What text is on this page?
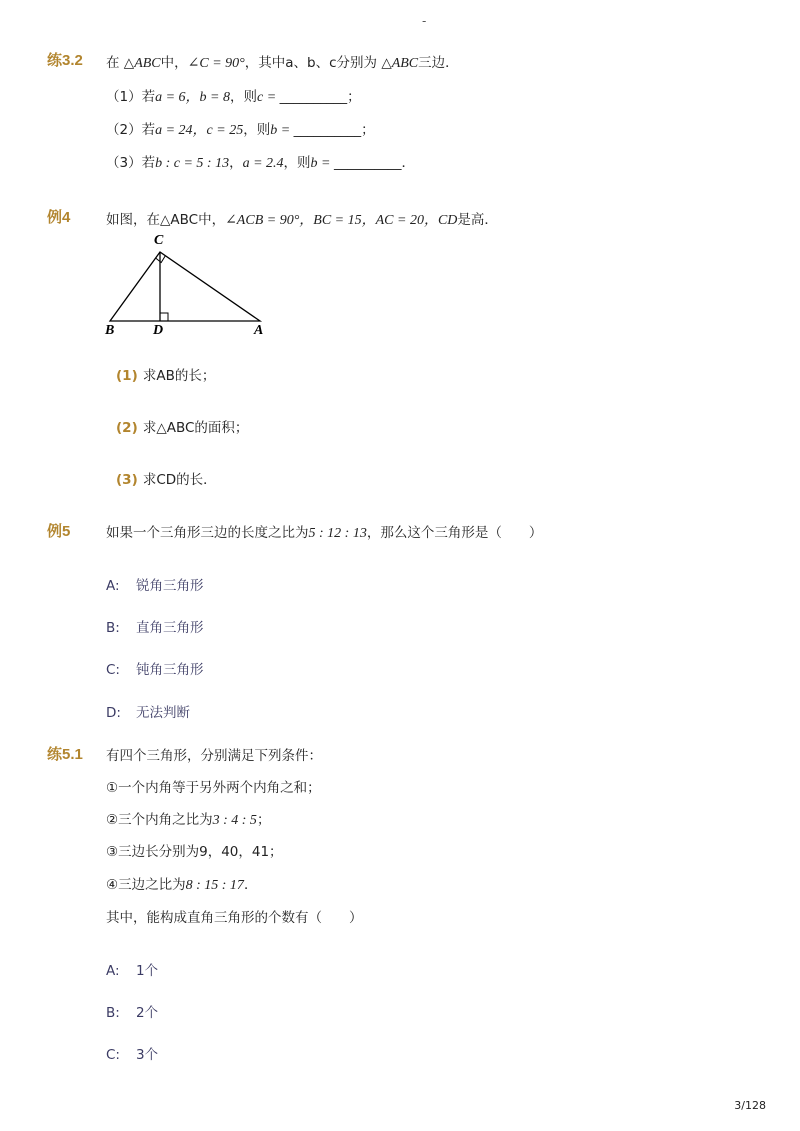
-
练3.2 在 △ABC中，∠C = 90°，其中a、b、c分别为 △ABC三边．
（1）若a = 6，b = 8，则c = __________；
（2）若a = 24，c = 25，则b = __________；
（3）若b : c = 5 : 13，a = 2.4，则b = __________．
例4	如图，在△ABC中，∠ACB = 90°，BC = 15，AC = 20，CD是高．
C
B	D	A
(1) 求AB的长；
(2) 求△ABC的面积；
(3) 求CD的长．
例5	如果一个三角形三边的长度之比为5 : 12 : 13，那么这个三角形是（　　）
A: 锐角三角形
B: 直角三角形
C: 钝角三角形
D: 无法判断
练5.1 有四个三角形，分别满足下列条件：
①一个内角等于另外两个内角之和；
②三个内角之比为3 : 4 : 5；
③三边长分别为9，40，41；
④三边之比为8 : 15 : 17．
其中，能构成直角三角形的个数有（　　）
A: 1个
B: 2个
C: 3个
3/128
